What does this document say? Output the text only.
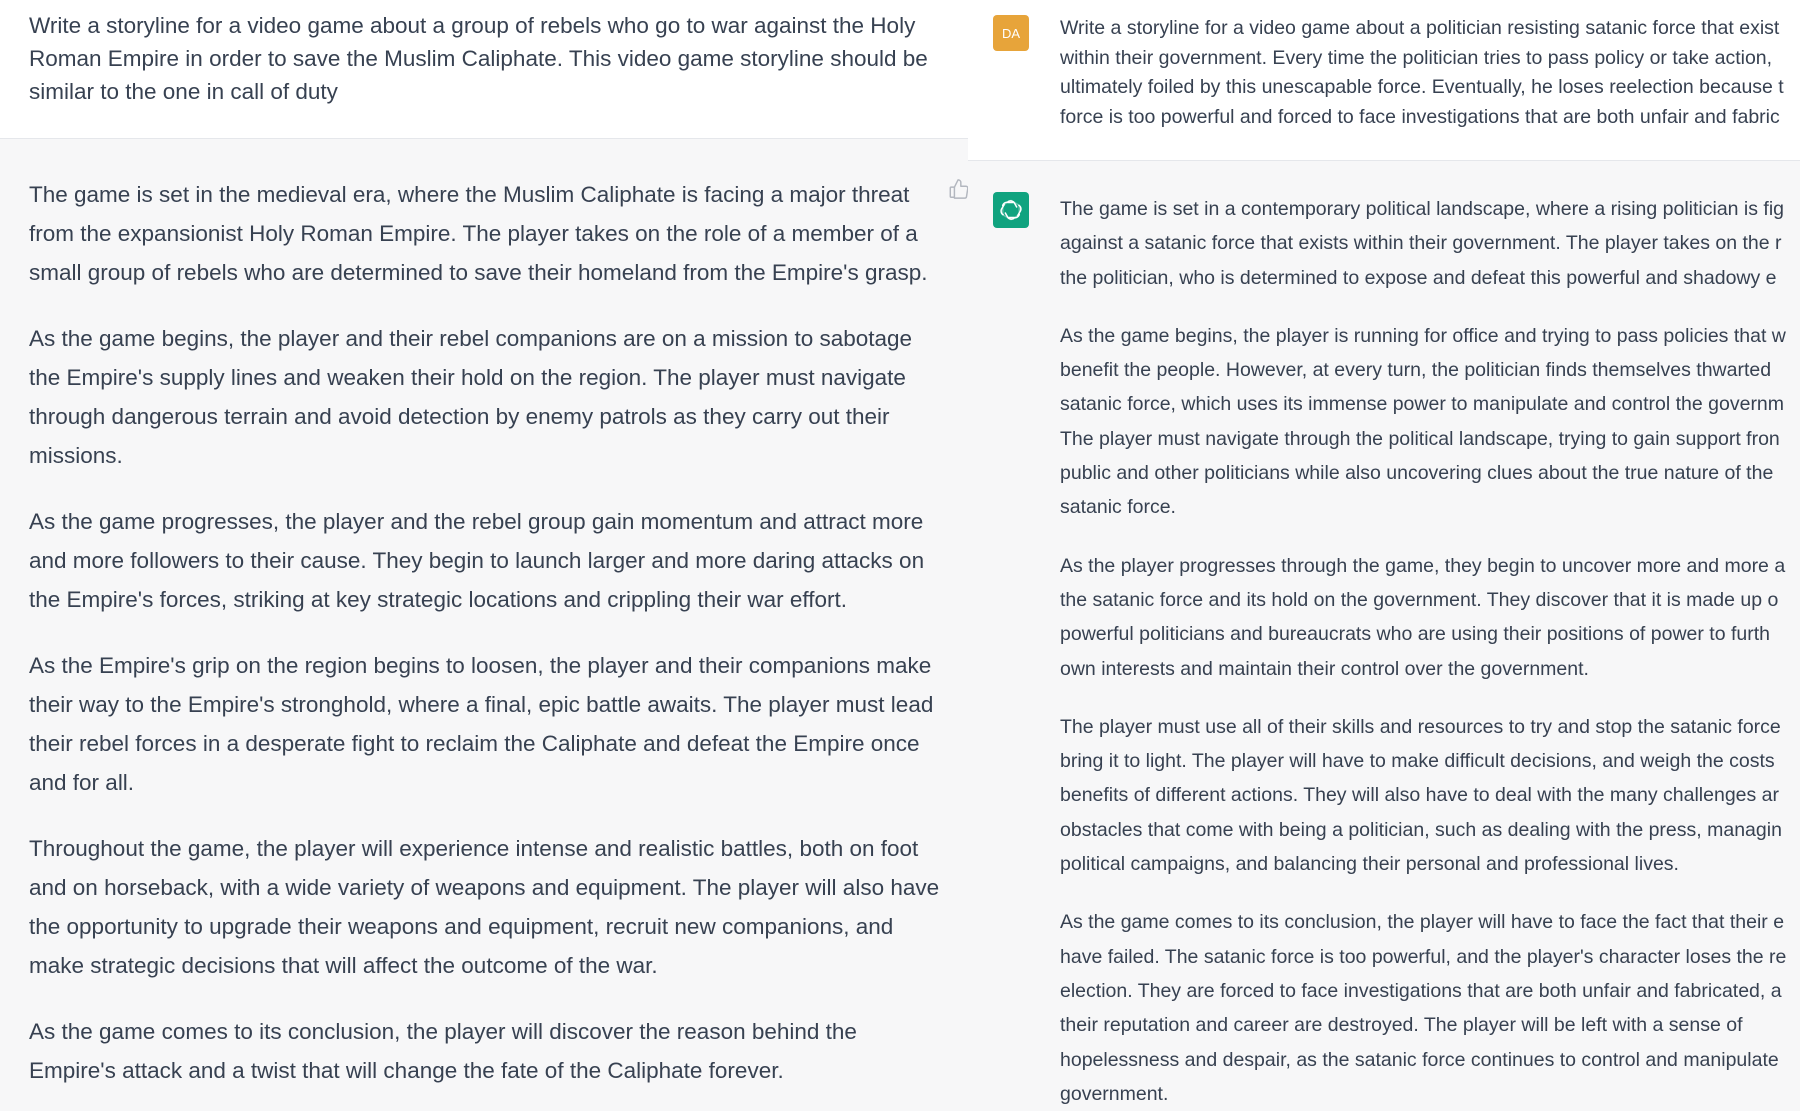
Write a storyline for a video game about a group of rebels who go to war against the Holy Roman Empire in order to save the Muslim Caliphate. This video game storyline should be similar to the one in call of duty

The game is set in the medieval era, where the Muslim Caliphate is facing a major threat from the expansionist Holy Roman Empire. The player takes on the role of a member of a small group of rebels who are determined to save their homeland from the Empire's grasp.

As the game begins, the player and their rebel companions are on a mission to sabotage the Empire's supply lines and weaken their hold on the region. The player must navigate through dangerous terrain and avoid detection by enemy patrols as they carry out their missions.

As the game progresses, the player and the rebel group gain momentum and attract more and more followers to their cause. They begin to launch larger and more daring attacks on the Empire's forces, striking at key strategic locations and crippling their war effort.

As the Empire's grip on the region begins to loosen, the player and their companions make their way to the Empire's stronghold, where a final, epic battle awaits. The player must lead their rebel forces in a desperate fight to reclaim the Caliphate and defeat the Empire once and for all.

Throughout the game, the player will experience intense and realistic battles, both on foot and on horseback, with a wide variety of weapons and equipment. The player will also have the opportunity to upgrade their weapons and equipment, recruit new companions, and make strategic decisions that will affect the outcome of the war.

As the game comes to its conclusion, the player will discover the reason behind the Empire's attack and a twist that will change the fate of the Caliphate forever.

DA	Write a storyline for a video game about a politician resisting satanic force that exist
within their government. Every time the politician tries to pass policy or take action,
ultimately foiled by this unescapable force. Eventually, he loses reelection because t
force is too powerful and forced to face investigations that are both unfair and fabric

The game is set in a contemporary political landscape, where a rising politician is fig
against a satanic force that exists within their government. The player takes on the r
the politician, who is determined to expose and defeat this powerful and shadowy e

As the game begins, the player is running for office and trying to pass policies that w
benefit the people. However, at every turn, the politician finds themselves thwarted
satanic force, which uses its immense power to manipulate and control the governm
The player must navigate through the political landscape, trying to gain support fron
public and other politicians while also uncovering clues about the true nature of the
satanic force.

As the player progresses through the game, they begin to uncover more and more a
the satanic force and its hold on the government. They discover that it is made up o
powerful politicians and bureaucrats who are using their positions of power to furth
own interests and maintain their control over the government.

The player must use all of their skills and resources to try and stop the satanic force
bring it to light. The player will have to make difficult decisions, and weigh the costs
benefits of different actions. They will also have to deal with the many challenges ar
obstacles that come with being a politician, such as dealing with the press, managin
political campaigns, and balancing their personal and professional lives.

As the game comes to its conclusion, the player will have to face the fact that their e
have failed. The satanic force is too powerful, and the player's character loses the re
election. They are forced to face investigations that are both unfair and fabricated, a
their reputation and career are destroyed. The player will be left with a sense of
hopelessness and despair, as the satanic force continues to control and manipulate
government.
